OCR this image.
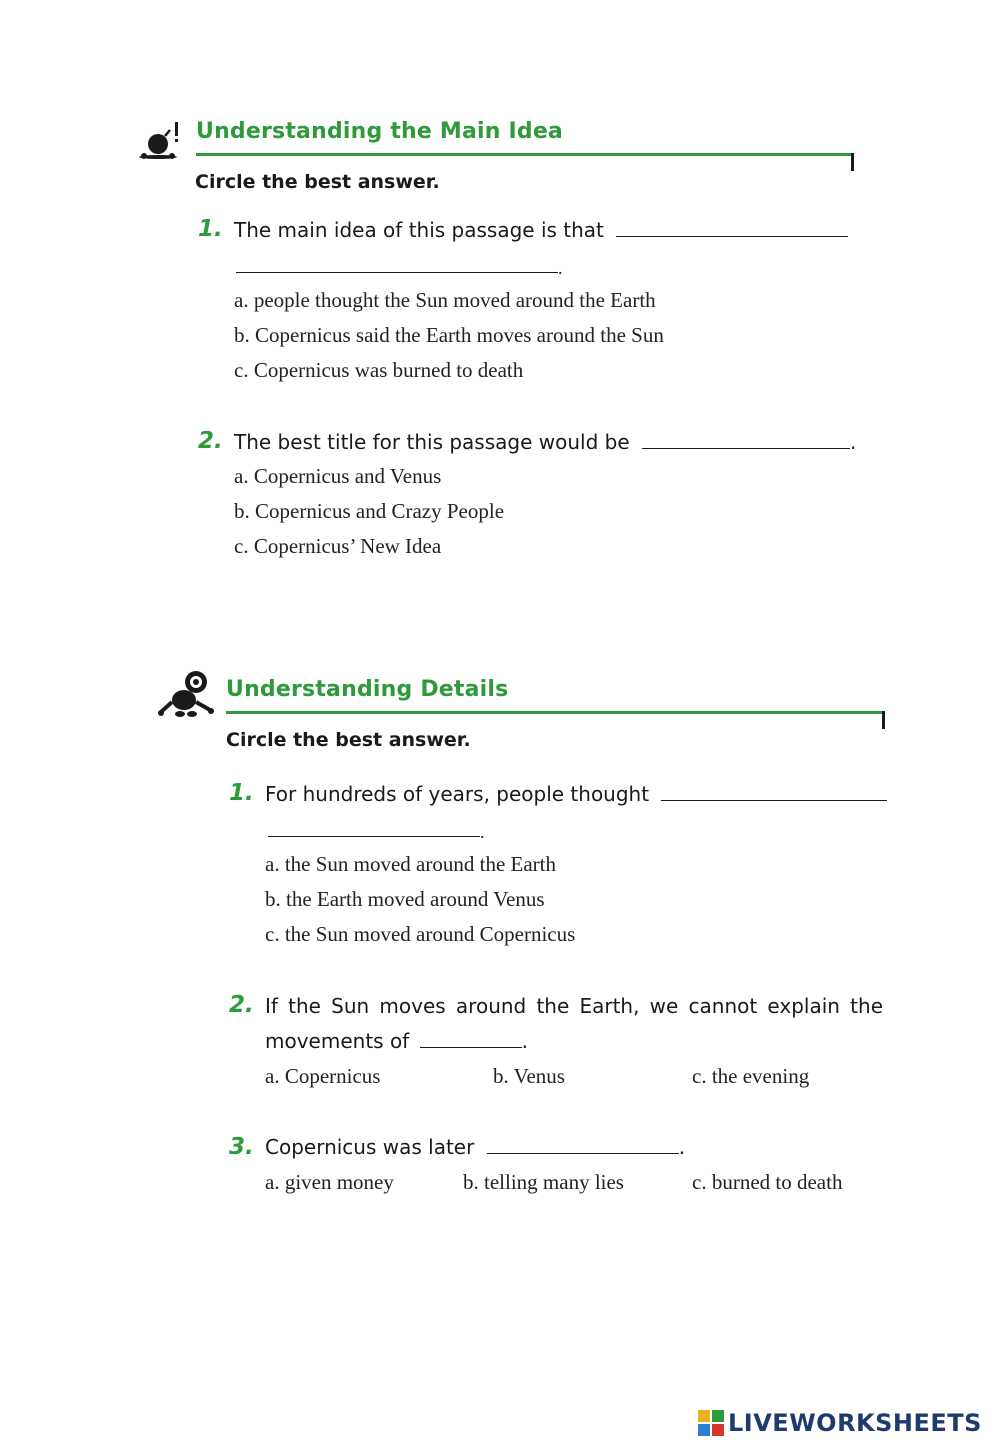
Understanding the Main Idea
Circle the best answer.
1. The main idea of this passage is that
.
a. people thought the Sun moved around the Earth
b. Copernicus said the Earth moves around the Sun
c. Copernicus was burned to death
2. The best title for this passage would be	.
a. Copernicus and Venus
b. Copernicus and Crazy People
c. Copernicus’ New Idea
Understanding Details
Circle the best answer.
1. For hundreds of years, people thought
.
a. the Sun moved around the Earth
b. the Earth moved around Venus
c. the Sun moved around Copernicus
2. If the Sun moves around the Earth, we cannot explain the
movements of	.
a. Copernicus	b. Venus	c. the evening
3. Copernicus was later	.
a. given money	b. telling many lies	c. burned to death
LIVEWORKSHEETS
